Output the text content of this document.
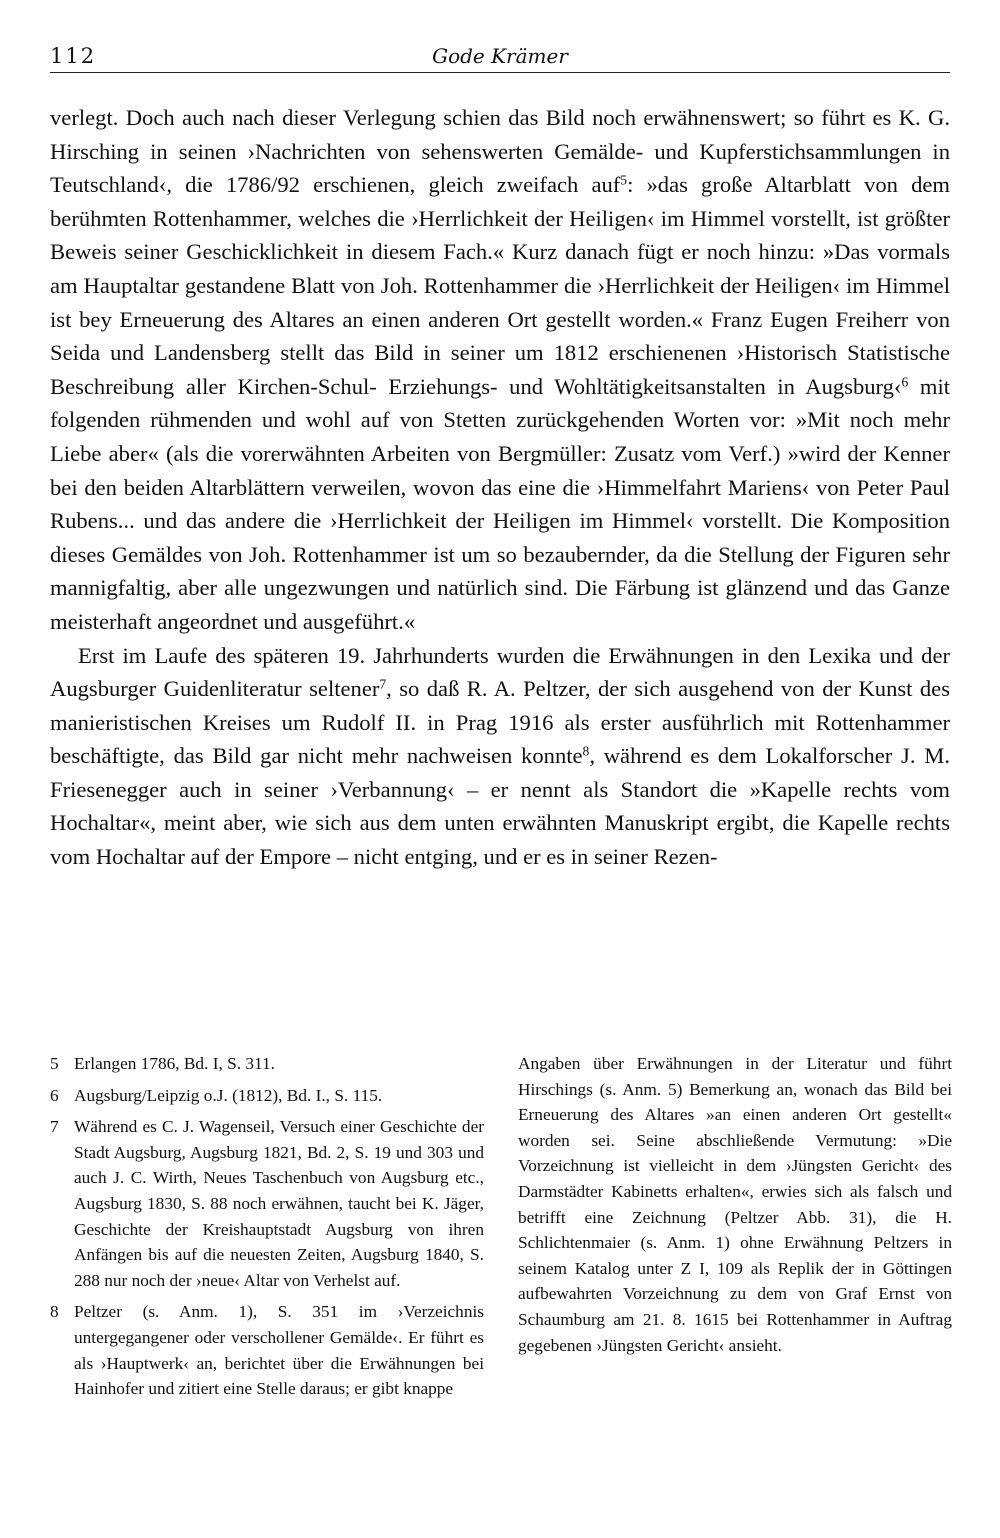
112	Gode Krämer

verlegt. Doch auch nach dieser Verlegung schien das Bild noch erwähnenswert; so führt es K. G. Hirsching in seinen ›Nachrichten von sehenswerten Gemälde- und Kupferstichsammlungen in Teutschland‹, die 1786/92 erschienen, gleich zweifach auf$^5$: »das große Altarblatt von dem berühmten Rottenhammer, welches die ›Herrlichkeit der Heiligen‹ im Himmel vorstellt, ist größter Beweis seiner Geschicklichkeit in diesem Fach.« Kurz danach fügt er noch hinzu: »Das vormals am Hauptaltar gestandene Blatt von Joh. Rottenhammer die ›Herrlichkeit der Heiligen‹ im Himmel ist bey Erneuerung des Altares an einen anderen Ort gestellt worden.« Franz Eugen Freiherr von Seida und Landensberg stellt das Bild in seiner um 1812 erschienenen ›Historisch Statistische Beschreibung aller Kirchen-Schul- Erziehungs- und Wohltätigkeitsanstalten in Augsburg‹$^6$ mit folgenden rühmenden und wohl auf von Stetten zurückgehenden Worten vor: »Mit noch mehr Liebe aber« (als die vorerwähnten Arbeiten von Bergmüller: Zusatz vom Verf.) »wird der Kenner bei den beiden Altarblättern verweilen, wovon das eine die ›Himmelfahrt Mariens‹ von Peter Paul Rubens... und das andere die ›Herrlichkeit der Heiligen im Himmel‹ vorstellt. Die Komposition dieses Gemäldes von Joh. Rottenhammer ist um so bezaubernder, da die Stellung der Figuren sehr mannigfaltig, aber alle ungezwungen und natürlich sind. Die Färbung ist glänzend und das Ganze meisterhaft angeordnet und ausgeführt.«

Erst im Laufe des späteren 19. Jahrhunderts wurden die Erwähnungen in den Lexika und der Augsburger Guidenliteratur seltener$^7$, so daß R. A. Peltzer, der sich ausgehend von der Kunst des manieristischen Kreises um Rudolf II. in Prag 1916 als erster ausführlich mit Rottenhammer beschäftigte, das Bild gar nicht mehr nachweisen konnte$^8$, während es dem Lokalforscher J. M. Friesenegger auch in seiner ›Verbannung‹ – er nennt als Standort die »Kapelle rechts vom Hochaltar«, meint aber, wie sich aus dem unten erwähnten Manuskript ergibt, die Kapelle rechts vom Hochaltar auf der Empore – nicht entging, und er es in seiner Rezen-

5 Erlangen 1786, Bd. I, S. 311.
6 Augsburg/Leipzig o.J. (1812), Bd. I., S. 115.
7 Während es C. J. Wagenseil, Versuch einer Geschichte der Stadt Augsburg, Augsburg 1821, Bd. 2, S. 19 und 303 und auch J. C. Wirth, Neues Taschenbuch von Augsburg etc., Augsburg 1830, S. 88 noch erwähnen, taucht bei K. Jäger, Geschichte der Kreishauptstadt Augsburg von ihren Anfängen bis auf die neuesten Zeiten, Augsburg 1840, S. 288 nur noch der ›neue‹ Altar von Verhelst auf.
8 Peltzer (s. Anm. 1), S. 351 im ›Verzeichnis untergegangener oder verschollener Gemälde‹. Er führt es als ›Hauptwerk‹ an, berichtet über die Erwähnungen bei Hainhofer und zitiert eine Stelle daraus; er gibt knappe

Angaben über Erwähnungen in der Literatur und führt Hirschings (s. Anm. 5) Bemerkung an, wonach das Bild bei Erneuerung des Altares »an einen anderen Ort gestellt« worden sei. Seine abschließende Vermutung: »Die Vorzeichnung ist vielleicht in dem ›Jüngsten Gericht‹ des Darmstädter Kabinetts erhalten«, erwies sich als falsch und betrifft eine Zeichnung (Peltzer Abb. 31), die H. Schlichtenmaier (s. Anm. 1) ohne Erwähnung Peltzers in seinem Katalog unter Z I, 109 als Replik der in Göttingen aufbewahrten Vorzeichnung zu dem von Graf Ernst von Schaumburg am 21. 8. 1615 bei Rottenhammer in Auftrag gegebenen ›Jüngsten Gericht‹ ansieht.
